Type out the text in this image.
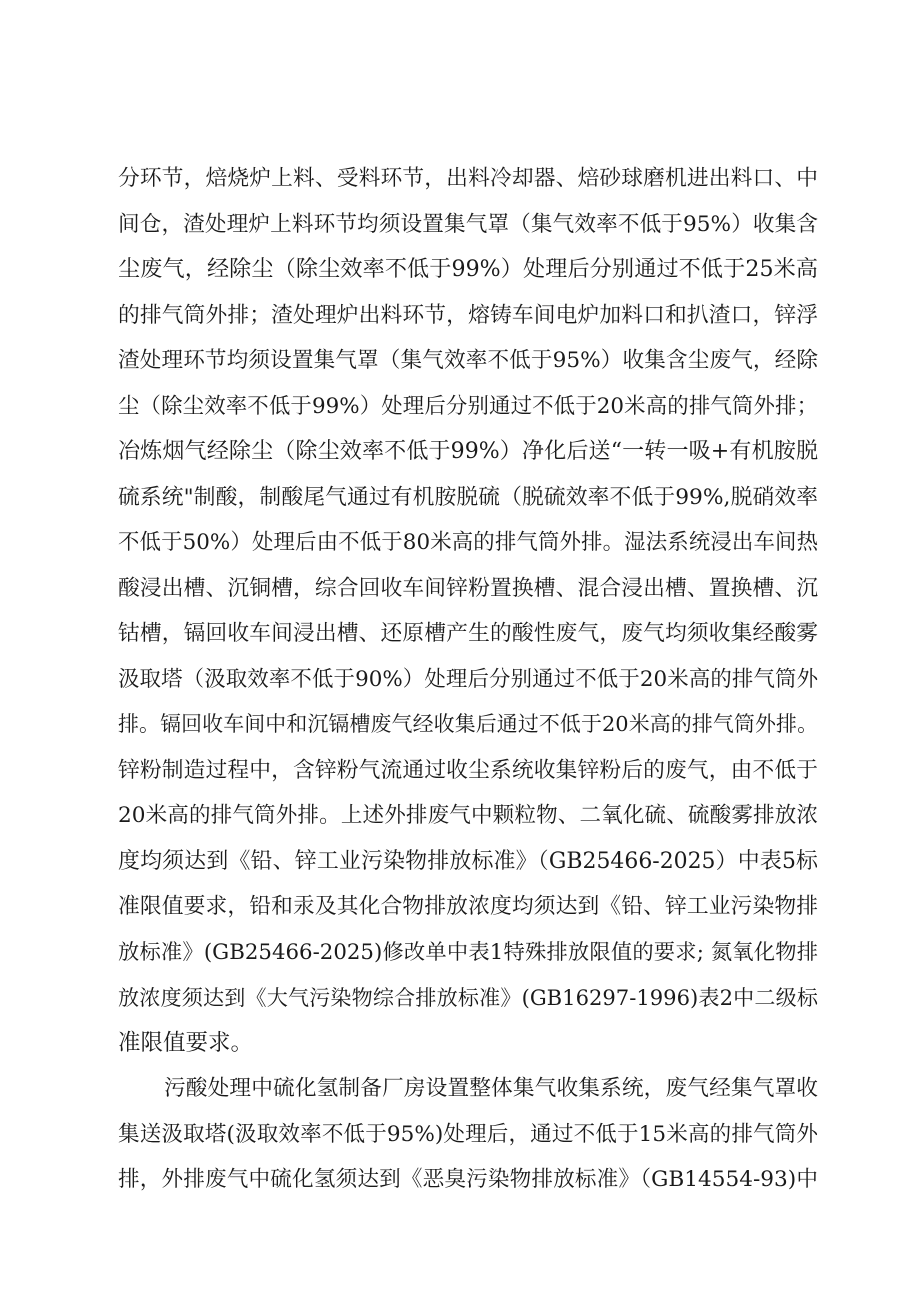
分环节，焙烧炉上料、受料环节，出料冷却器、焙砂球磨机进出料口、中
间仓，渣处理炉上料环节均须设置集气罩（集气效率不低于95%）收集含
尘废气，经除尘（除尘效率不低于99%）处理后分别通过不低于25米高
的排气筒外排；渣处理炉出料环节，熔铸车间电炉加料口和扒渣口，锌浮
渣处理环节均须设置集气罩（集气效率不低于95%）收集含尘废气，经除
尘（除尘效率不低于99%）处理后分别通过不低于20米高的排气筒外排；
冶炼烟气经除尘（除尘效率不低于99%）净化后送“一转一吸+有机胺脱
硫系统"制酸，制酸尾气通过有机胺脱硫（脱硫效率不低于99%,脱硝效率
不低于50%）处理后由不低于80米高的排气筒外排。湿法系统浸出车间热
酸浸出槽、沉铜槽，综合回收车间锌粉置换槽、混合浸出槽、置换槽、沉
钴槽，镉回收车间浸出槽、还原槽产生的酸性废气，废气均须收集经酸雾
汲取塔（汲取效率不低于90%）处理后分别通过不低于20米高的排气筒外
排。镉回收车间中和沉镉槽废气经收集后通过不低于20米高的排气筒外排。
锌粉制造过程中，含锌粉气流通过收尘系统收集锌粉后的废气，由不低于
20米高的排气筒外排。上述外排废气中颗粒物、二氧化硫、硫酸雾排放浓
度均须达到《铅、锌工业污染物排放标准》（GB25466-2025）中表5标
准限值要求，铅和汞及其化合物排放浓度均须达到《铅、锌工业污染物排
放标准》(GB25466-2025)修改单中表1特殊排放限值的要求; 氮氧化物排
放浓度须达到《大气污染物综合排放标准》(GB16297-1996)表2中二级标
准限值要求。
污酸处理中硫化氢制备厂房设置整体集气收集系统，废气经集气罩收
集送汲取塔(汲取效率不低于95%)处理后，通过不低于15米高的排气筒外
排，外排废气中硫化氢须达到《恶臭污染物排放标准》（GB14554-93)中
